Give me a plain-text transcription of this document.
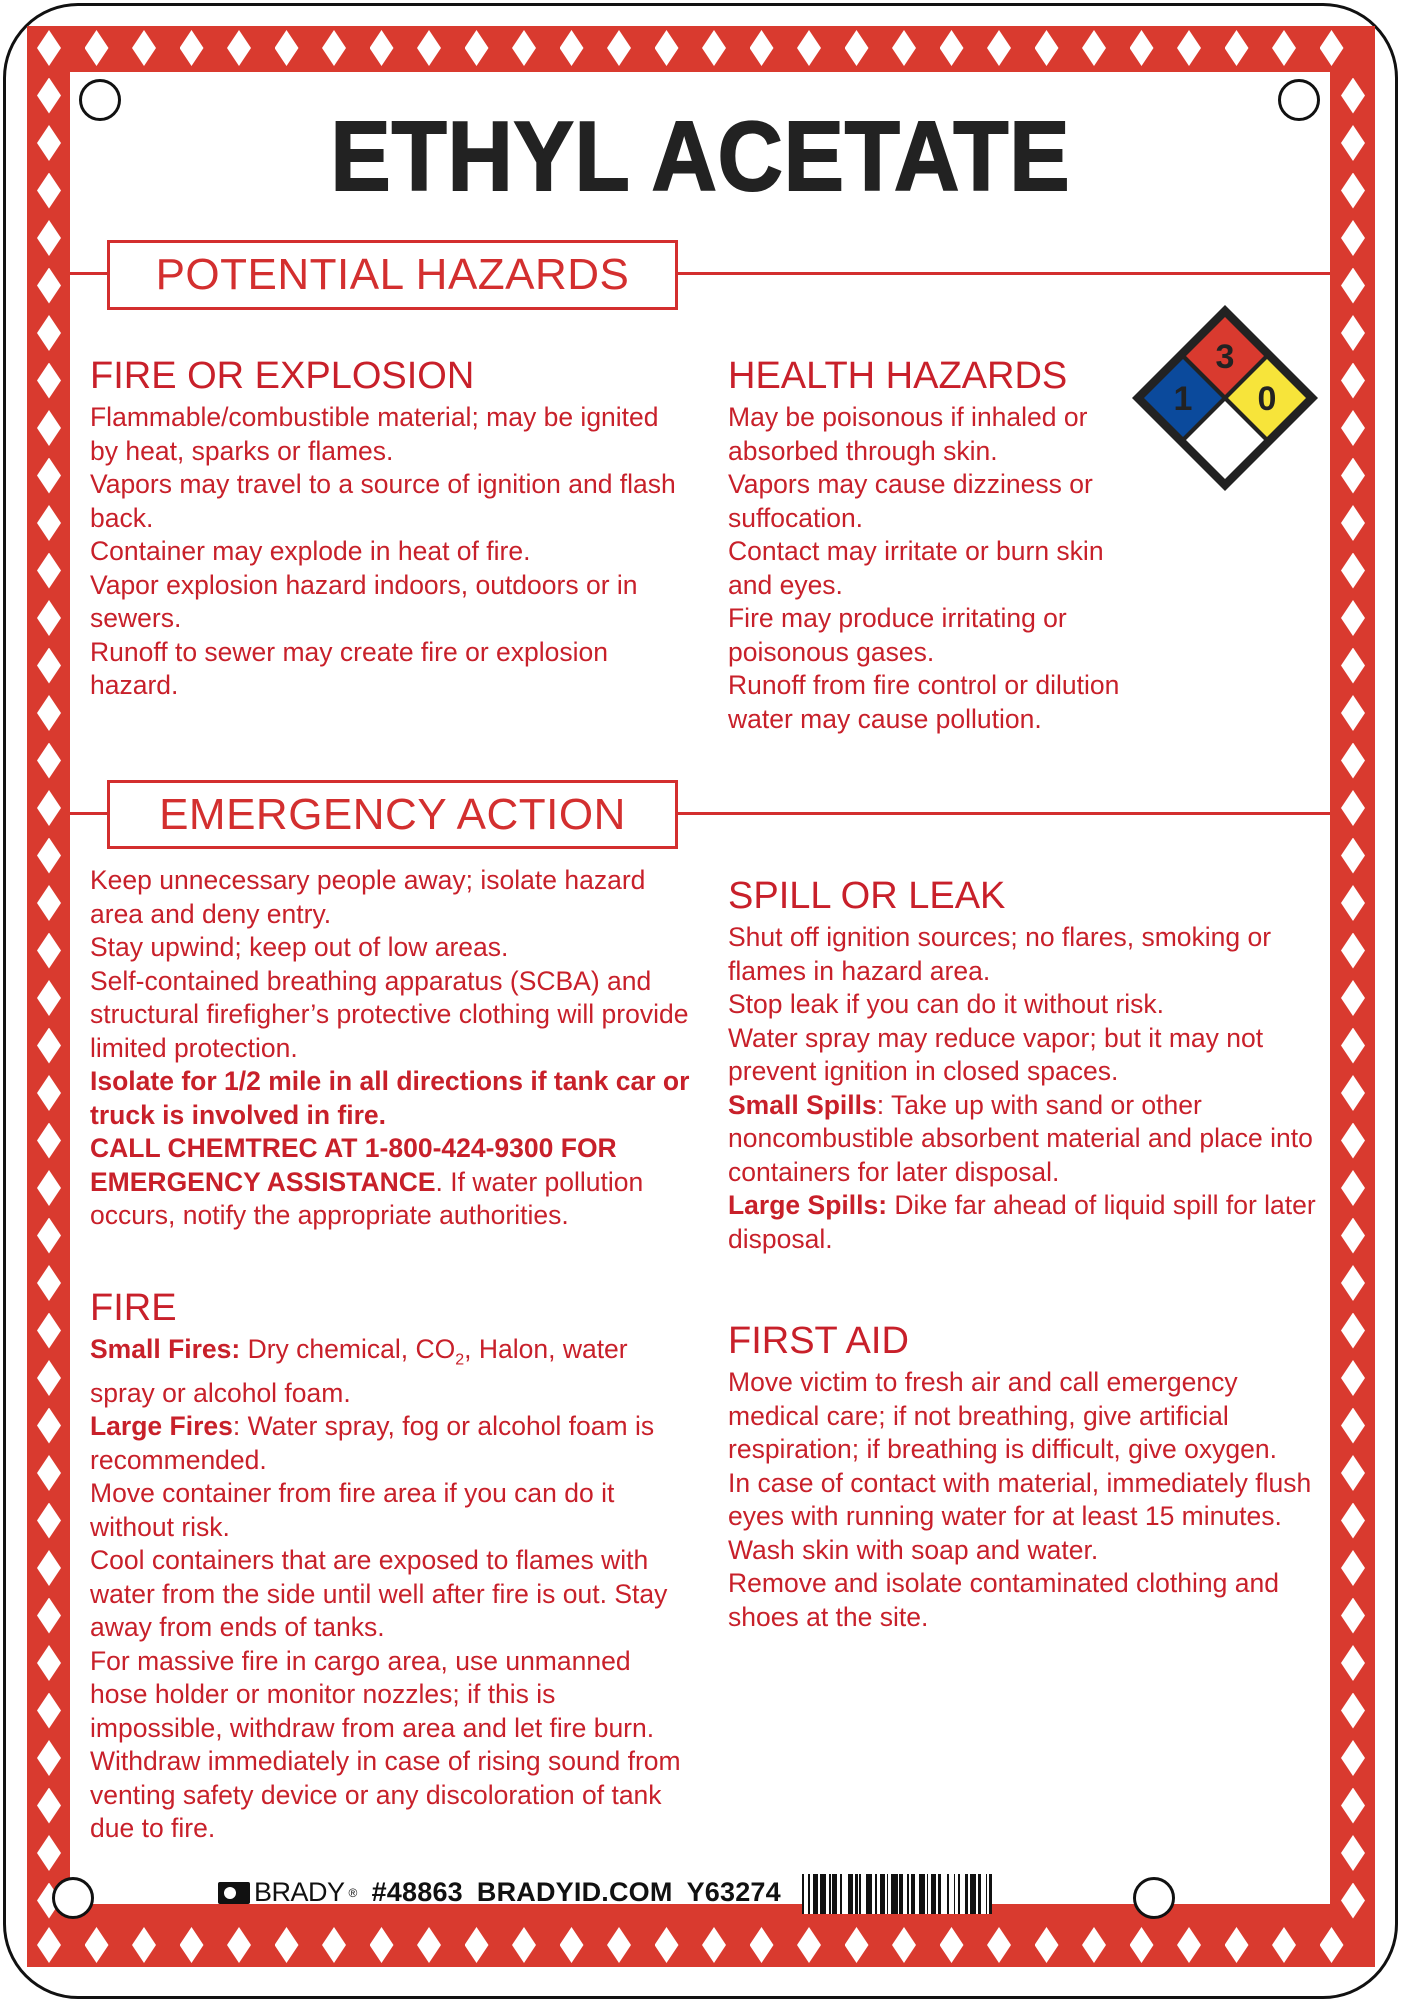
ETHYL ACETATE
POTENTIAL HAZARDS
FIRE OR EXPLOSION

Flammable/combustible material; may be ignited by heat, sparks or flames.

Vapors may travel to a source of ignition and flash back.

Container may explode in heat of fire.

Vapor explosion hazard indoors, outdoors or in sewers.

Runoff to sewer may create fire or explosion hazard.

HEALTH HAZARDS

May be poisonous if inhaled or absorbed through skin.

Vapors may cause dizziness or suffocation.

Contact may irritate or burn skin and eyes.

Fire may produce irritating or poisonous gases.

Runoff from fire control or dilution water may cause pollution.

3
1 0
EMERGENCY ACTION

Keep unnecessary people away; isolate hazard area and deny entry.

Stay upwind; keep out of low areas.

Self-contained breathing apparatus (SCBA) and structural firefigher’s protective clothing will provide limited protection.

Isolate for 1/2 mile in all directions if tank car or truck is involved in fire.

CALL CHEMTREC AT 1-800-424-9300 FOR EMERGENCY ASSISTANCE. If water pollution occurs, notify the appropriate authorities.

SPILL OR LEAK

Shut off ignition sources; no flares, smoking or flames in hazard area.

Stop leak if you can do it without risk.

Water spray may reduce vapor; but it may not prevent ignition in closed spaces.

Small Spills: Take up with sand or other noncombustible absorbent material and place into containers for later disposal.

Large Spills: Dike far ahead of liquid spill for later disposal.

FIRE

Small Fires: Dry chemical, $CO_2$, Halon, water spray or alcohol foam.

Large Fires: Water spray, fog or alcohol foam is recommended.

Move container from fire area if you can do it without risk.

Cool containers that are exposed to flames with water from the side until well after fire is out. Stay away from ends of tanks.

For massive fire in cargo area, use unmanned hose holder or monitor nozzles; if this is impossible, withdraw from area and let fire burn.

Withdraw immediately in case of rising sound from venting safety device or any discoloration of tank due to fire.

FIRST AID

Move victim to fresh air and call emergency medical care; if not breathing, give artificial respiration; if breathing is difficult, give oxygen.

In case of contact with material, immediately flush eyes with running water for at least 15 minutes. Wash skin with soap and water.

Remove and isolate contaminated clothing and shoes at the site.

BRADY ® #48863 BRADYID.COM Y63274
